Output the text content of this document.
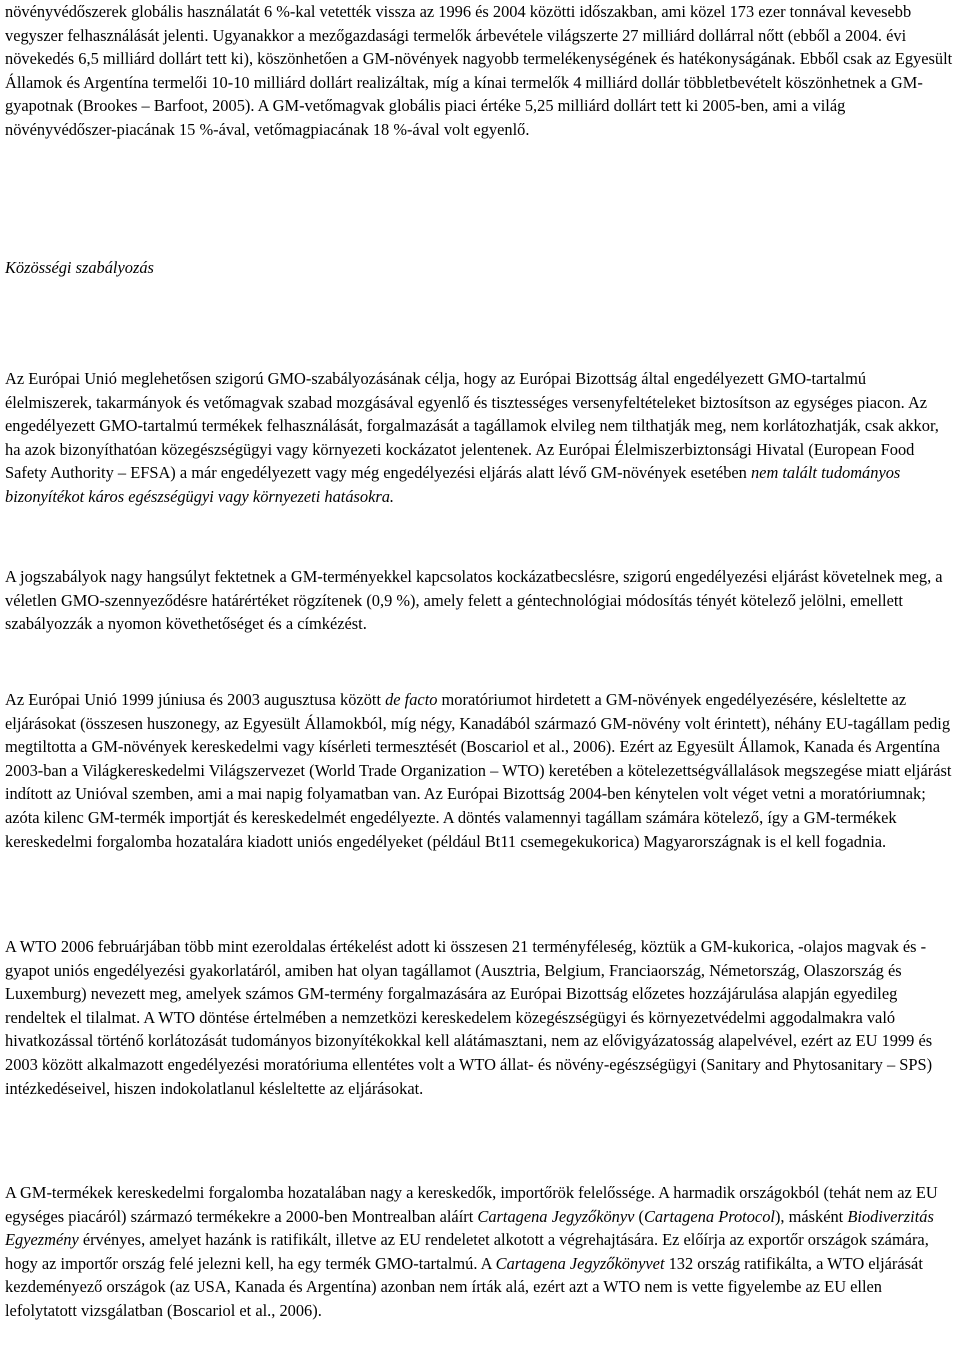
növényvédőszerek globális használatát 6 %-kal vetették vissza az 1996 és 2004 közötti időszakban, ami közel 173 ezer tonnával kevesebb vegyszer felhasználását jelenti. Ugyanakkor a mezőgazdasági termelők árbevétele világszerte 27 milliárd dollárral nőtt (ebből a 2004. évi növekedés 6,5 milliárd dollárt tett ki), köszönhetően a GM-növények nagyobb termelékenységének és hatékonyságának. Ebből csak az Egyesült Államok és Argentína termelői 10-10 milliárd dollárt realizáltak, míg a kínai termelők 4 milliárd dollár többletbevételt köszönhetnek a GM-gyapotnak (Brookes – Barfoot, 2005). A GM-vetőmagvak globális piaci értéke 5,25 milliárd dollárt tett ki 2005-ben, ami a világ növényvédőszer-piacának 15 %-ával, vetőmagpiacának 18 %-ával volt egyenlő.

Közösségi szabályozás

Az Európai Unió meglehetősen szigorú GMO-szabályozásának célja, hogy az Európai Bizottság által engedélyezett GMO-tartalmú élelmiszerek, takarmányok és vetőmagvak szabad mozgásával egyenlő és tisztességes versenyfeltételeket biztosítson az egységes piacon. Az engedélyezett GMO-tartalmú termékek felhasználását, forgalmazását a tagállamok elvileg nem tilthatják meg, nem korlátozhatják, csak akkor, ha azok bizonyíthatóan közegészségügyi vagy környezeti kockázatot jelentenek. Az Európai Élelmiszerbiztonsági Hivatal (European Food Safety Authority – EFSA) a már engedélyezett vagy még engedélyezési eljárás alatt lévő GM-növények esetében nem talált tudományos bizonyítékot káros egészségügyi vagy környezeti hatásokra.

A jogszabályok nagy hangsúlyt fektetnek a GM-terményekkel kapcsolatos kockázatbecslésre, szigorú engedélyezési eljárást követelnek meg, a véletlen GMO-szennyeződésre határértéket rögzítenek (0,9 %), amely felett a géntechnológiai módosítás tényét kötelező jelölni, emellett szabályozzák a nyomon követhetőséget és a címkézést.

Az Európai Unió 1999 júniusa és 2003 augusztusa között de facto moratóriumot hirdetett a GM-növények engedélyezésére, késleltette az eljárásokat (összesen huszonegy, az Egyesült Államokból, míg négy, Kanadából származó GM-növény volt érintett), néhány EU-tagállam pedig megtiltotta a GM-növények kereskedelmi vagy kísérleti termesztését (Boscariol et al., 2006). Ezért az Egyesült Államok, Kanada és Argentína 2003-ban a Világkereskedelmi Világszervezet (World Trade Organization – WTO) keretében a kötelezettségvállalások megszegése miatt eljárást indított az Unióval szemben, ami a mai napig folyamatban van. Az Európai Bizottság 2004-ben kénytelen volt véget vetni a moratóriumnak; azóta kilenc GM-termék importját és kereskedelmét engedélyezte. A döntés valamennyi tagállam számára kötelező, így a GM-termékek kereskedelmi forgalomba hozatalára kiadott uniós engedélyeket (például Bt11 csemegekukorica) Magyarországnak is el kell fogadnia.

A WTO 2006 februárjában több mint ezeroldalas értékelést adott ki összesen 21 terményféleség, köztük a GM-kukorica, -olajos magvak és -gyapot uniós engedélyezési gyakorlatáról, amiben hat olyan tagállamot (Ausztria, Belgium, Franciaország, Németország, Olaszország és Luxemburg) nevezett meg, amelyek számos GM-termény forgalmazására az Európai Bizottság előzetes hozzájárulása alapján egyedileg rendeltek el tilalmat. A WTO döntése értelmében a nemzetközi kereskedelem közegészségügyi és környezetvédelmi aggodalmakra való hivatkozással történő korlátozását tudományos bizonyítékokkal kell alátámasztani, nem az elővigyázatosság alapelvével, ezért az EU 1999 és 2003 között alkalmazott engedélyezési moratóriuma ellentétes volt a WTO állat- és növény-egészségügyi (Sanitary and Phytosanitary – SPS) intézkedéseivel, hiszen indokolatlanul késleltette az eljárásokat.

A GM-termékek kereskedelmi forgalomba hozatalában nagy a kereskedők, importőrök felelőssége. A harmadik országokból (tehát nem az EU egységes piacáról) származó termékekre a 2000-ben Montrealban aláírt Cartagena Jegyzőkönyv (Cartagena Protocol), másként Biodiverzitás Egyezmény érvényes, amelyet hazánk is ratifikált, illetve az EU rendeletet alkotott a végrehajtására. Ez előírja az exportőr országok számára, hogy az importőr ország felé jelezni kell, ha egy termék GMO-tartalmú. A Cartagena Jegyzőkönyvet 132 ország ratifikálta, a WTO eljárását kezdeményező országok (az USA, Kanada és Argentína) azonban nem írták alá, ezért azt a WTO nem is vette figyelembe az EU ellen lefolytatott vizsgálatban (Boscariol et al., 2006).
